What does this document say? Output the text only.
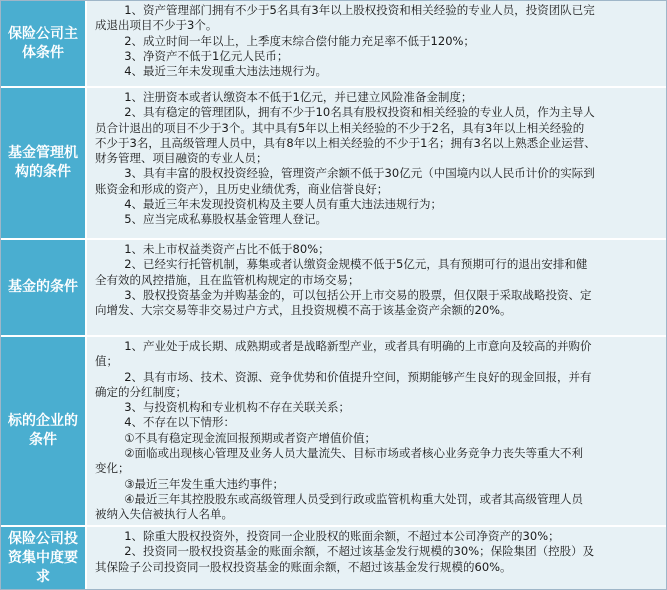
保险公司主体条件

1、资产管理部门拥有不少于5名具有3年以上股权投资和相关经验的专业人员，投资团队已完

成退出项目不少于3个。

2、成立时间一年以上，上季度末综合偿付能力充足率不低于120%；

3、净资产不低于1亿元人民币；

4、最近三年未发现重大违法违规行为。

基金管理机构的条件

1、注册资本或者认缴资本不低于1亿元，并已建立风险准备金制度；

2、具有稳定的管理团队，拥有不少于10名具有股权投资和相关经验的专业人员，作为主导人

员合计退出的项目不少于3个。其中具有5年以上相关经验的不少于2名，具有3年以上相关经验的

不少于3名，且高级管理人员中，具有8年以上相关经验的不少于1名；拥有3名以上熟悉企业运营、

财务管理、项目融资的专业人员；

3、具有丰富的股权投资经验，管理资产余额不低于30亿元（中国境内以人民币计价的实际到

账资金和形成的资产），且历史业绩优秀，商业信誉良好；

4、最近三年未发现投资机构及主要人员有重大违法违规行为；

5、应当完成私募股权基金管理人登记。

基金的条件

1、未上市权益类资产占比不低于80%；

2、已经实行托管机制，募集或者认缴资金规模不低于5亿元，具有预期可行的退出安排和健

全有效的风控措施，且在监管机构规定的市场交易；

3、股权投资基金为并购基金的，可以包括公开上市交易的股票，但仅限于采取战略投资、定

向增发、大宗交易等非交易过户方式，且投资规模不高于该基金资产余额的20%。

标的企业的条件

1、产业处于成长期、成熟期或者是战略新型产业，或者具有明确的上市意向及较高的并购价

值；

2、具有市场、技术、资源、竞争优势和价值提升空间，预期能够产生良好的现金回报，并有

确定的分红制度；

3、与投资机构和专业机构不存在关联关系；

4、不存在以下情形：

①不具有稳定现金流回报预期或者资产增值价值；

②面临或出现核心管理及业务人员大量流失、目标市场或者核心业务竞争力丧失等重大不利

变化；

③最近三年发生重大违约事件；

④最近三年其控股股东或高级管理人员受到行政或监管机构重大处罚，或者其高级管理人员

被纳入失信被执行人名单。

保险公司投资集中度要求

1、除重大股权投资外，投资同一企业股权的账面余额，不超过本公司净资产的30%；

2、投资同一股权投资基金的账面余额，不超过该基金发行规模的30%；保险集团（控股）及

其保险子公司投资同一股权投资基金的账面余额，不超过该基金发行规模的60%。
